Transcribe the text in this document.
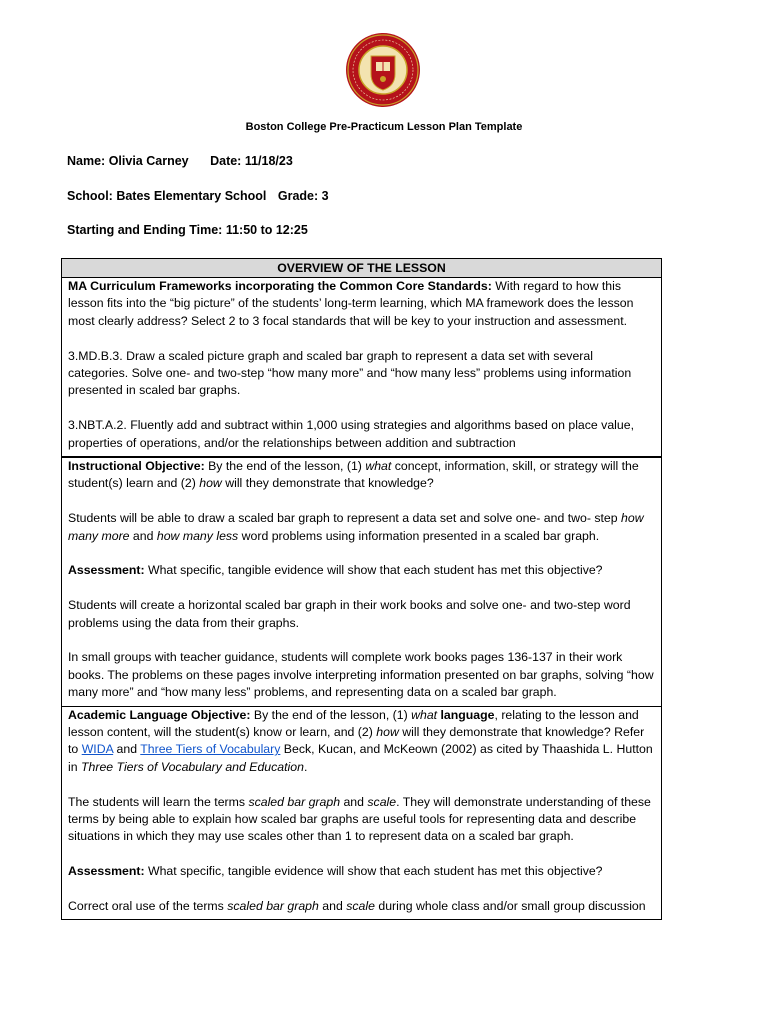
Boston College Pre-Practicum Lesson Plan Template
Name: Olivia Carney Date: 11/18/23
School: Bates Elementary School Grade: 3
Starting and Ending Time: 11:50 to 12:25
OVERVIEW OF THE LESSON

MA Curriculum Frameworks incorporating the Common Core Standards: With regard to how this lesson fits into the “big picture” of the students’ long-term learning, which MA framework does the lesson most clearly address? Select 2 to 3 focal standards that will be key to your instruction and assessment.

3.MD.B.3. Draw a scaled picture graph and scaled bar graph to represent a data set with several categories. Solve one- and two-step “how many more” and “how many less” problems using information presented in scaled bar graphs.

3.NBT.A.2. Fluently add and subtract within 1,000 using strategies and algorithms based on place value, properties of operations, and/or the relationships between addition and subtraction

Instructional Objective: By the end of the lesson, (1) what concept, information, skill, or strategy will the student(s) learn and (2) how will they demonstrate that knowledge?

Students will be able to draw a scaled bar graph to represent a data set and solve one- and two- step how many more and how many less word problems using information presented in a scaled bar graph.

Assessment: What specific, tangible evidence will show that each student has met this objective?

Students will create a horizontal scaled bar graph in their work books and solve one- and two-step word problems using the data from their graphs.

In small groups with teacher guidance, students will complete work books pages 136-137 in their work books. The problems on these pages involve interpreting information presented on bar graphs, solving “how many more” and “how many less” problems, and representing data on a scaled bar graph.

Academic Language Objective: By the end of the lesson, (1) what language, relating to the lesson and lesson content, will the student(s) know or learn, and (2) how will they demonstrate that knowledge? Refer to WIDA and Three Tiers of Vocabulary Beck, Kucan, and McKeown (2002) as cited by Thaashida L. Hutton in Three Tiers of Vocabulary and Education.

The students will learn the terms scaled bar graph and scale. They will demonstrate understanding of these terms by being able to explain how scaled bar graphs are useful tools for representing data and describe situations in which they may use scales other than 1 to represent data on a scaled bar graph.

Assessment: What specific, tangible evidence will show that each student has met this objective?

Correct oral use of the terms scaled bar graph and scale during whole class and/or small group discussion
